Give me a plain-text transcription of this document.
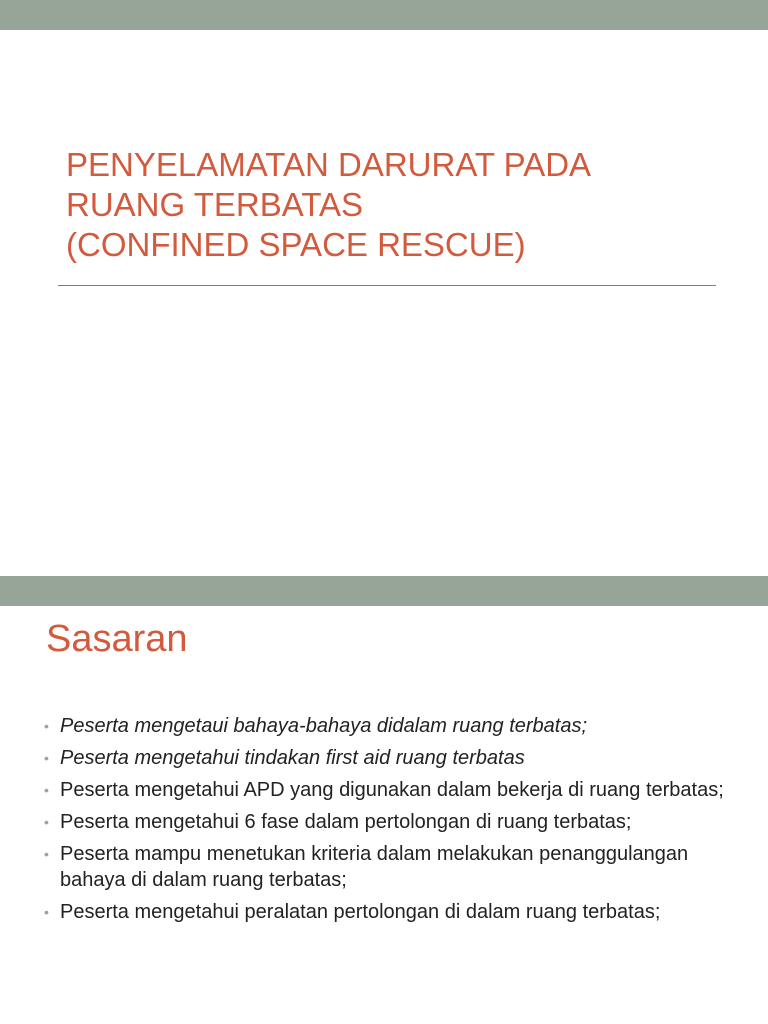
PENYELAMATAN DARURAT PADA
RUANG TERBATAS
(CONFINED SPACE RESCUE)
Sasaran
• Peserta mengetaui bahaya-bahaya didalam ruang terbatas;
• Peserta mengetahui tindakan first aid ruang terbatas
• Peserta mengetahui APD yang digunakan dalam bekerja di ruang terbatas;
• Peserta mengetahui 6 fase dalam pertolongan di ruang terbatas;
• Peserta mampu menetukan kriteria dalam melakukan penanggulangan bahaya di dalam ruang terbatas;
• Peserta mengetahui peralatan pertolongan di dalam ruang terbatas;
